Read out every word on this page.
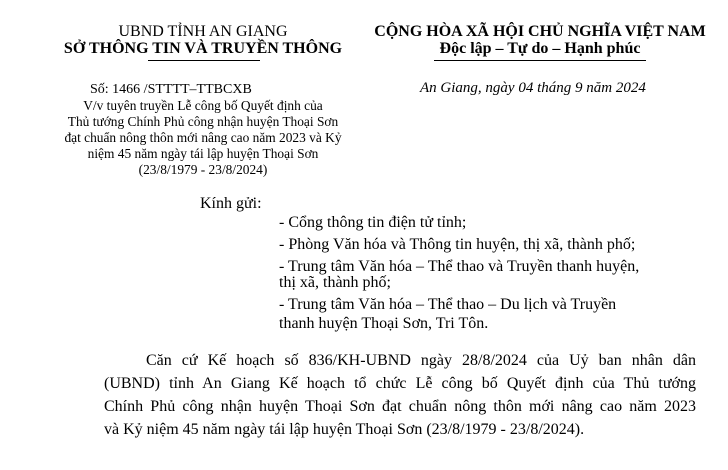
UBND TỈNH AN GIANG
SỞ THÔNG TIN VÀ TRUYỀN THÔNG
Số: 1466 /STTTT–TTBCXB
V/v tuyên truyền Lễ công bố Quyết định của
Thủ tướng Chính Phủ công nhận huyện Thoại Sơn
đạt chuẩn nông thôn mới nâng cao năm 2023 và Kỷ
niệm 45 năm ngày tái lập huyện Thoại Sơn
(23/8/1979 - 23/8/2024)
CỘNG HÒA XÃ HỘI CHỦ NGHĨA VIỆT NAM
Độc lập – Tự do – Hạnh phúc
An Giang, ngày 04 tháng 9 năm 2024
Kính gửi:
- Cổng thông tin điện tử tỉnh;
- Phòng Văn hóa và Thông tin huyện, thị xã, thành phố;
- Trung tâm Văn hóa – Thể thao và Truyền thanh huyện,
thị xã, thành phố;
- Trung tâm Văn hóa – Thể thao – Du lịch và Truyền
thanh huyện Thoại Sơn, Tri Tôn.
Căn cứ Kế hoạch số 836/KH-UBND ngày 28/8/2024 của Uỷ ban nhân dân
(UBND) tỉnh An Giang Kế hoạch tổ chức Lễ công bố Quyết định của Thủ tướng
Chính Phủ công nhận huyện Thoại Sơn đạt chuẩn nông thôn mới nâng cao năm 2023
và Kỷ niệm 45 năm ngày tái lập huyện Thoại Sơn (23/8/1979 - 23/8/2024).
